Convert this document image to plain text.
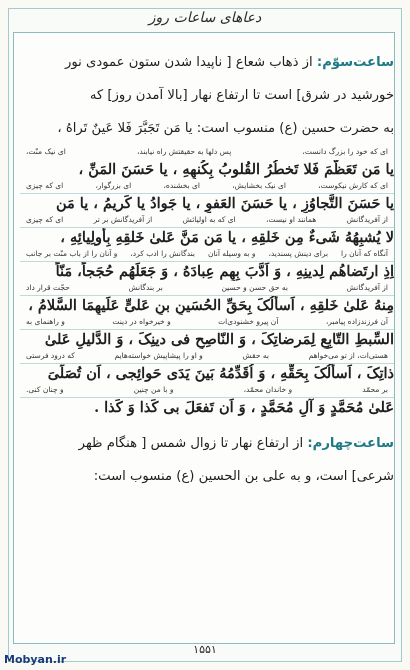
دعاهای ساعات روز
ساعت‌سوّم: از ذهاب شعاع [ ناپیدا شدن ستون عمودی نور
خورشید در شرق] است تا ارتفاع نهار [بالا آمدن روز] که
به حضرت حسین (ع) منسوب است: یا مَن تَجَبَّرَ فَلا عَینٌ تَراهُ ،
ای که خود را بزرگ دانست،
پس دلها به حقیقتش راه نیابند،
ای نیک منّت،
یا مَن تَعَظَّمَ فَلا تَخطُرُ القُلوبُ بِکُنهِهِ ، یا حَسَنَ المَنِّ ،
ای که کارش نیکوست،
ای نیک بخشایش،
ای بخشنده،
ای بزرگوار،
ای که چیزی
یا حَسَنَ التَّجاوُزِ ، یا حَسَنَ العَفوِ ، یا جَوادُ یا کَریمُ ، یا مَن
از آفریدگانش
همانند او نیست،
ای که به اولیائش
از آفریدگانش بر تر
ای که چیزی
لا یُشبِهُهُ شَیءٌ مِن خَلقِهِ ، یا مَن مَنَّ عَلیٰ خَلقِهِ بِأَولِیائِهِ ،
آنگاه که آنان را
برای دینش پسندید،
و به وسیله آنان
بندگانش را ادب کرد،
و آنان را از باب منّت بر جانب
اِذِ ارتَضاهُم لِدینِهِ ، وَ اَدَّبَ بِهِم عِبادَهُ ، وَ جَعَلَهُم حُجَجاً، مَنّاً
از آفریدگانش
به حق حسن و حسین
بر بندگانش
حجّت قرار داد
مِنهُ عَلیٰ خَلقِهِ ، اَسأَلُکَ بِحَقِّ الحُسَینِ بنِ عَلیٍّ عَلَیهِمَا السَّلامُ ،
آن فرزندزاده پیامبر،
آن پیرو خشنودی‌ات
و خیرخواه در دینت
و راهنمای به
السِّبطِ التّابِعِ لِمَرضاتِکَ ، وَ النّاصِحِ فی دینِکَ ، وَ الدَّلیلِ عَلیٰ
هستی‌ات، از تو می‌خواهم
به حقش
و او را پیشاپیش خواسته‌هایم
که درود فرستی
ذاتِکَ ، اَسأَلُکَ بِحَقِّهِ ، وَ اُقَدِّمُهُ بَینَ یَدَی حَوائِجی ، اَن تُصَلِّیَ
بر محمّد
و خاندان محمّد،
و با من چنین
و چنان کنی.
عَلیٰ مُحَمَّدٍ وَ آلِ مُحَمَّدٍ ، وَ اَن تَفعَلَ بی کَذا وَ کَذا .
ساعت‌چهارم: از ارتفاع نهار تا زوال شمس [ هنگام ظهر
شرعی] است، و به علی بن الحسین (ع) منسوب است:
۱۵۵۱
Mobyan.ir
